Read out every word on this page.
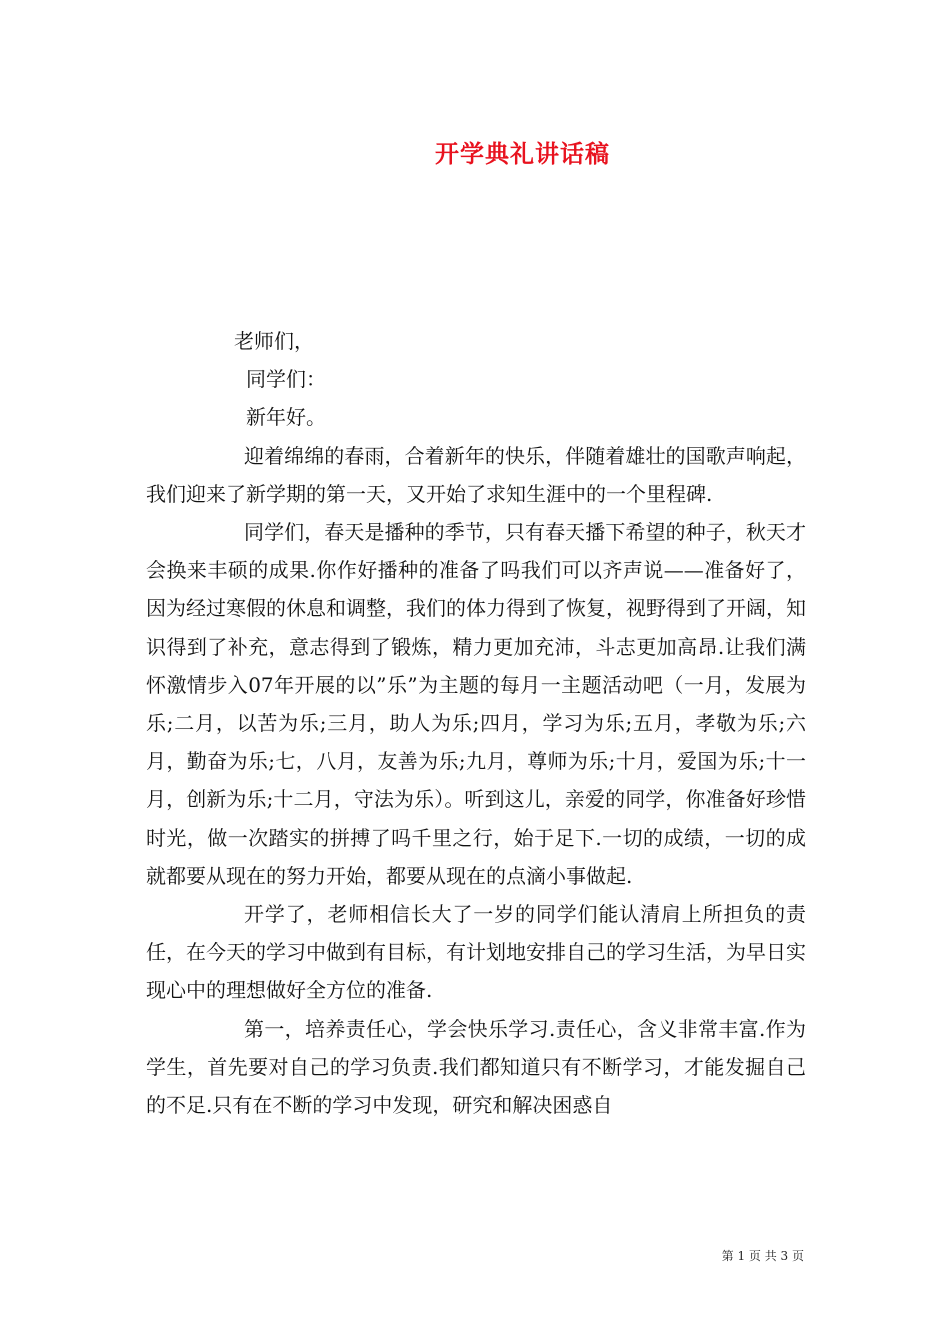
开学典礼讲话稿

老师们，

同学们：

新年好。

迎着绵绵的春雨，合着新年的快乐，伴随着雄壮的国歌声响起，我们迎来了新学期的第一天，又开始了求知生涯中的一个里程碑.

同学们，春天是播种的季节，只有春天播下希望的种子，秋天才会换来丰硕的成果.你作好播种的准备了吗我们可以齐声说——准备好了，因为经过寒假的休息和调整，我们的体力得到了恢复，视野得到了开阔，知识得到了补充，意志得到了锻炼，精力更加充沛，斗志更加高昂.让我们满怀激情步入07年开展的以”乐”为主题的每月一主题活动吧（一月，发展为乐;二月，以苦为乐;三月，助人为乐;四月，学习为乐;五月，孝敬为乐;六月，勤奋为乐;七，八月，友善为乐;九月，尊师为乐;十月，爱国为乐;十一月，创新为乐;十二月，守法为乐）。听到这儿，亲爱的同学，你准备好珍惜时光，做一次踏实的拼搏了吗千里之行，始于足下.一切的成绩，一切的成就都要从现在的努力开始，都要从现在的点滴小事做起.

开学了，老师相信长大了一岁的同学们能认清肩上所担负的责任，在今天的学习中做到有目标，有计划地安排自己的学习生活，为早日实现心中的理想做好全方位的准备.

第一，培养责任心，学会快乐学习.责任心，含义非常丰富.作为学生，首先要对自己的学习负责.我们都知道只有不断学习，才能发掘自己的不足.只有在不断的学习中发现，研究和解决困惑自

第 1 页 共 3 页
